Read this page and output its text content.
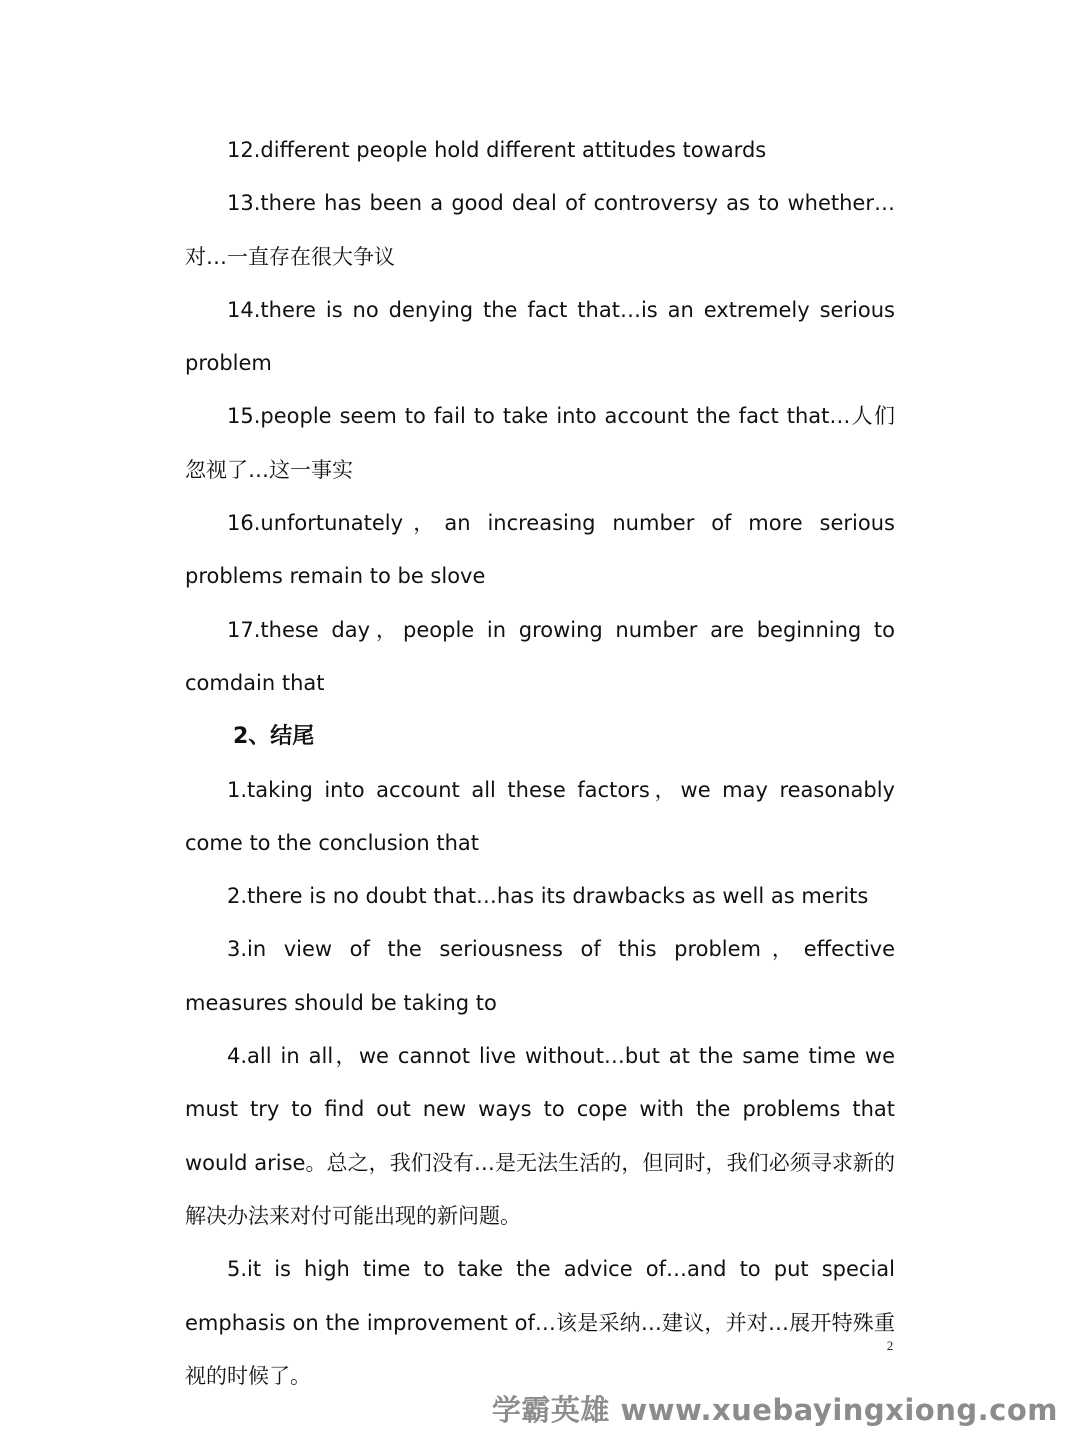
12.different people hold different attitudes towards

13.there has been a good deal of controversy as to whether…对…一直存在很大争议

14.there is no denying the fact that…is an extremely serious problem

15.people seem to fail to take into account the fact that…人们忽视了…这一事实

16.unfortunately，an increasing number of more serious problems remain to be slove

17.these day，people in growing number are beginning to comdain that

2、结尾

1.taking into account all these factors，we may reasonably come to the conclusion that

2.there is no doubt that…has its drawbacks as well as merits

3.in view of the seriousness of this problem，effective measures should be taking to

4.all in all，we cannot live without…but at the same time we must try to find out new ways to cope with the problems that would arise。总之，我们没有…是无法生活的，但同时，我们必须寻求新的解决办法来对付可能出现的新问题。

5.it is high time to take the advice of…and to put special emphasis on the improvement of…该是采纳…建议，并对…展开特殊重视的时候了。

2
学霸英雄 www.xuebayingxiong.com
